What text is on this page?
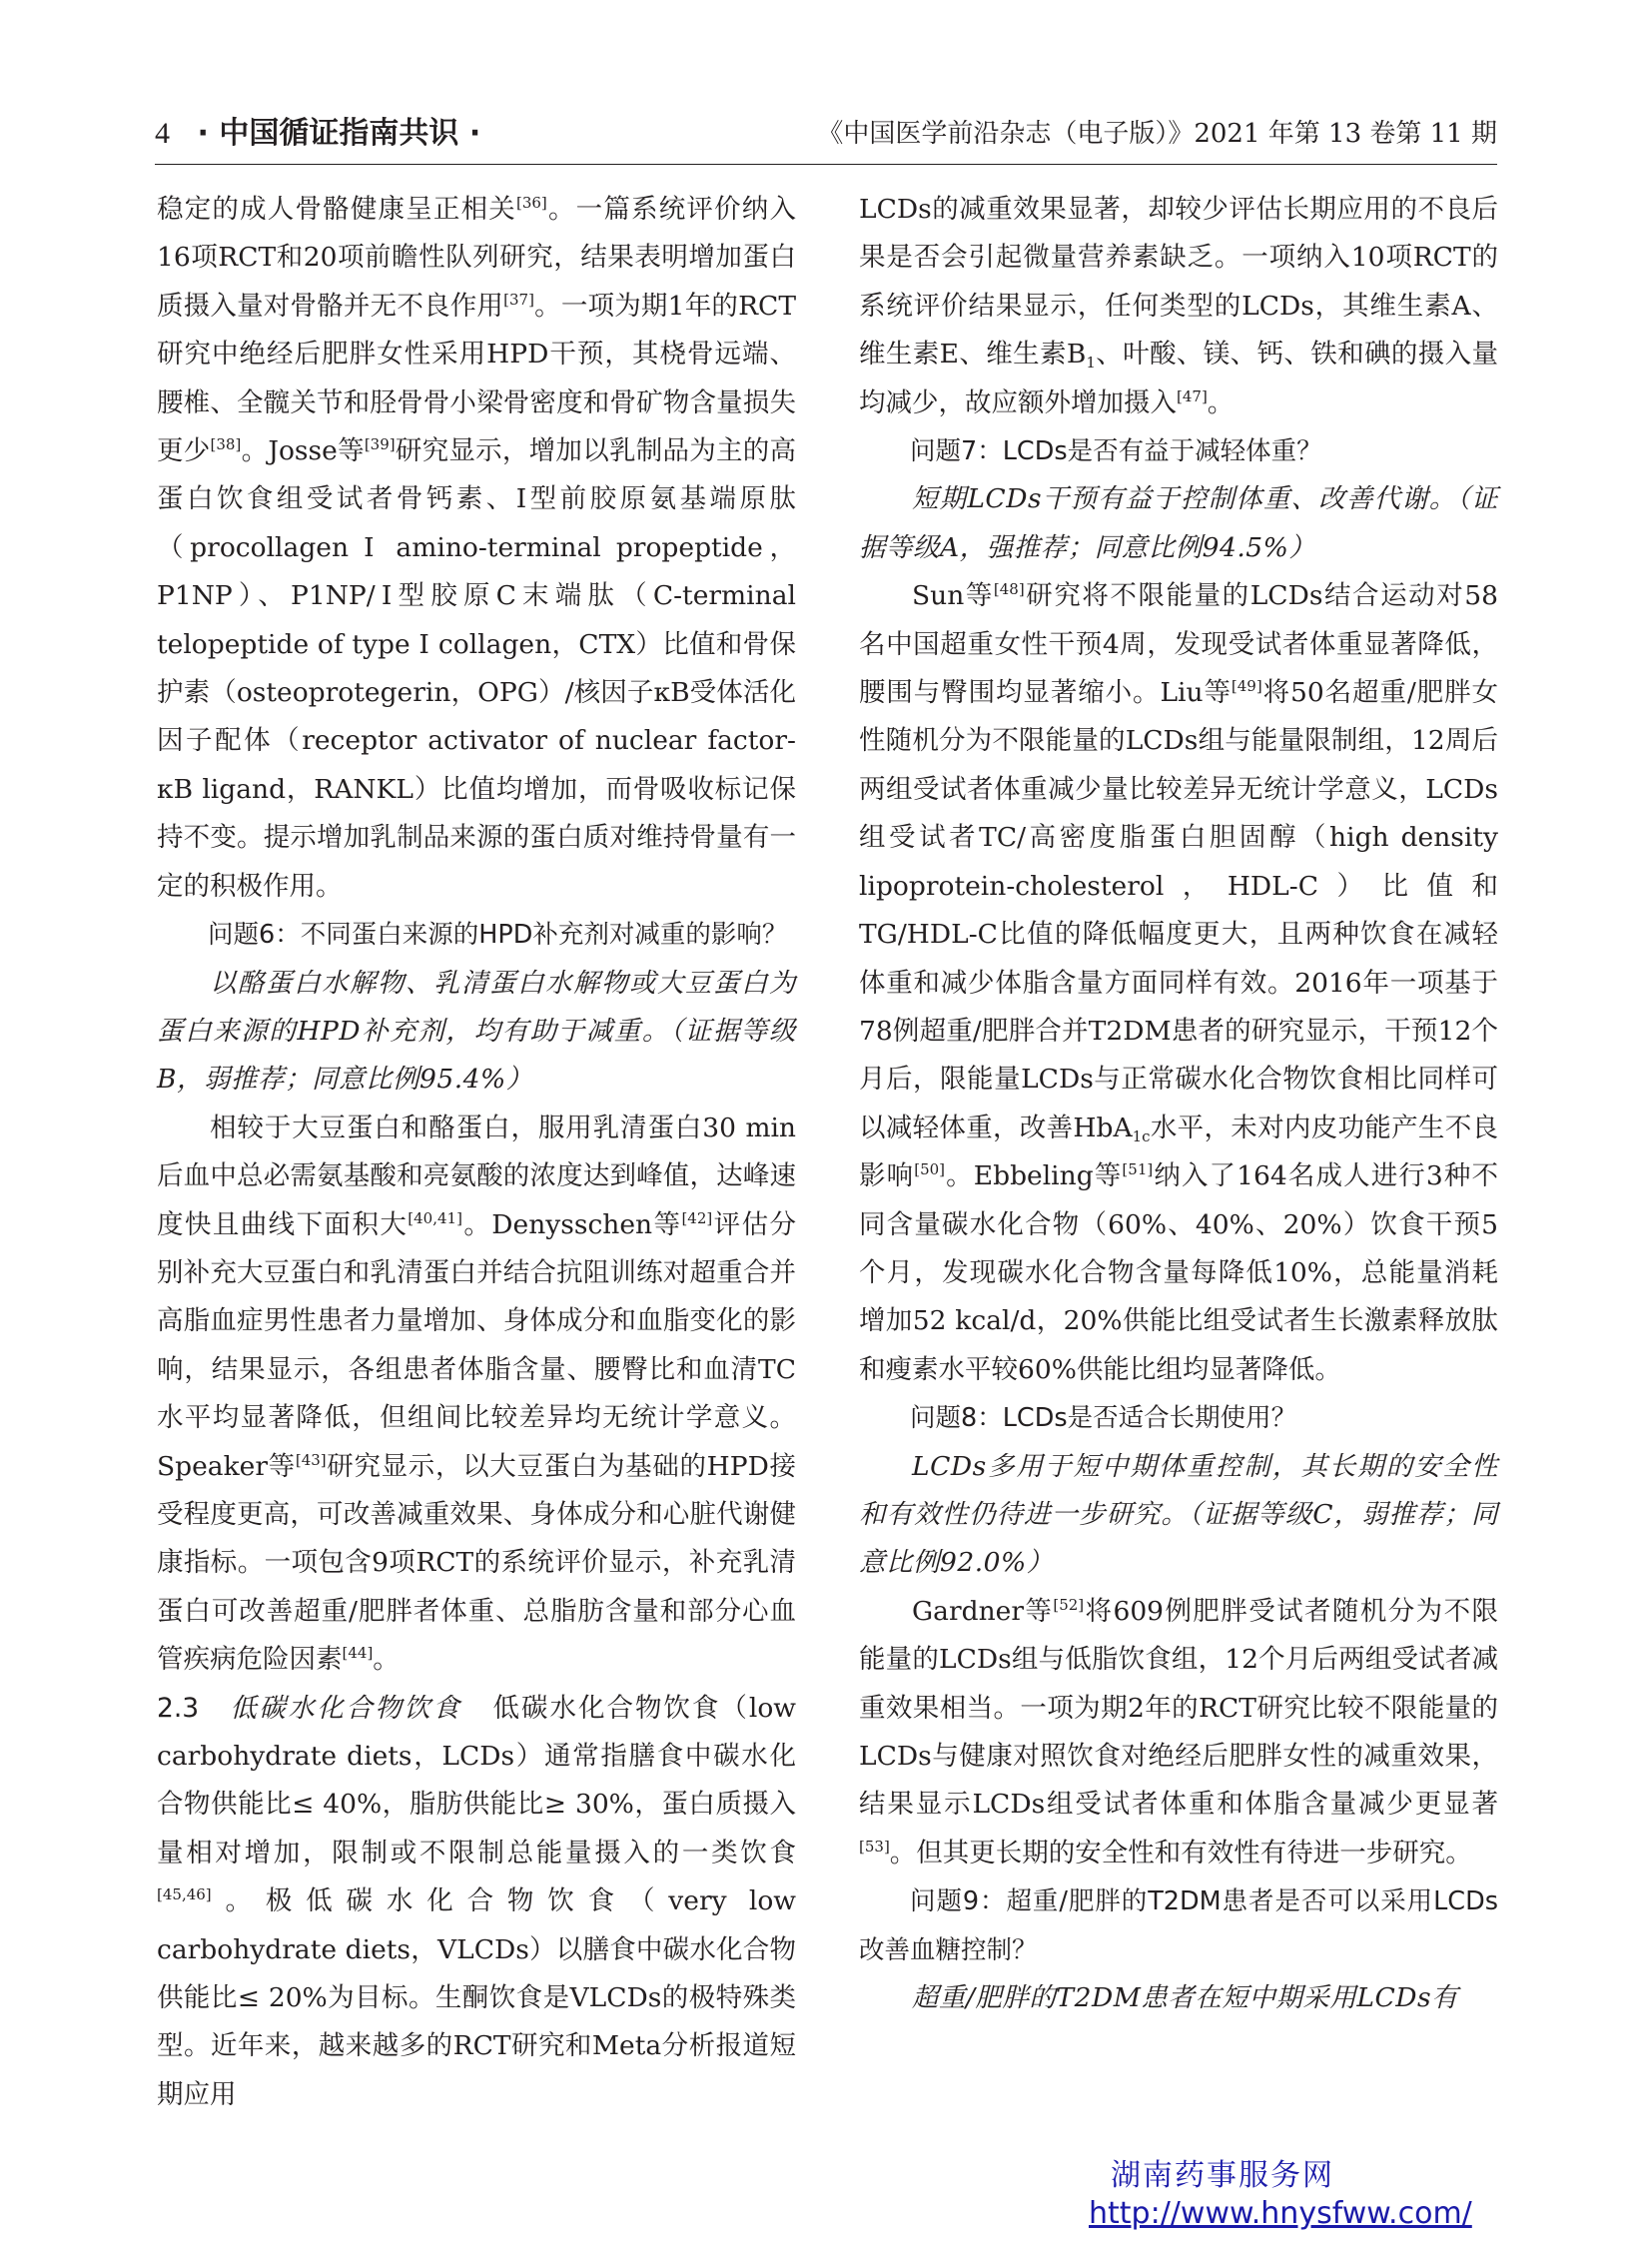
4 · 中国循证指南共识 ·	《中国医学前沿杂志（电子版）》2021 年第 13 卷第 11 期

稳定的成人骨骼健康呈正相关[36]。一篇系统评价纳入16项RCT和20项前瞻性队列研究，结果表明增加蛋白质摄入量对骨骼并无不良作用[37]。一项为期1年的RCT研究中绝经后肥胖女性采用HPD干预，其桡骨远端、腰椎、全髋关节和胫骨骨小梁骨密度和骨矿物含量损失更少[38]。Josse等[39]研究显示，增加以乳制品为主的高蛋白饮食组受试者骨钙素、Ⅰ型前胶原氨基端原肽（procollagen Ⅰ amino-terminal propeptide，P1NP）、P1NP/Ⅰ型胶原C末端肽（C-terminal telopeptide of type Ⅰ collagen，CTX）比值和骨保护素（osteoprotegerin，OPG）/核因子κB受体活化因子配体（receptor activator of nuclear factor-κB ligand，RANKL）比值均增加，而骨吸收标记保持不变。提示增加乳制品来源的蛋白质对维持骨量有一定的积极作用。

问题6：不同蛋白来源的HPD补充剂对减重的影响？

以酪蛋白水解物、乳清蛋白水解物或大豆蛋白为蛋白来源的HPD补充剂，均有助于减重。（证据等级B，弱推荐；同意比例95.4%）

相较于大豆蛋白和酪蛋白，服用乳清蛋白30 min后血中总必需氨基酸和亮氨酸的浓度达到峰值，达峰速度快且曲线下面积大[40,41]。Denysschen等[42]评估分别补充大豆蛋白和乳清蛋白并结合抗阻训练对超重合并高脂血症男性患者力量增加、身体成分和血脂变化的影响，结果显示，各组患者体脂含量、腰臀比和血清TC水平均显著降低，但组间比较差异均无统计学意义。Speaker等[43]研究显示，以大豆蛋白为基础的HPD接受程度更高，可改善减重效果、身体成分和心脏代谢健康指标。一项包含9项RCT的系统评价显示，补充乳清蛋白可改善超重/肥胖者体重、总脂肪含量和部分心血管疾病危险因素[44]。

2.3 低碳水化合物饮食 低碳水化合物饮食（low carbohydrate diets，LCDs）通常指膳食中碳水化合物供能比≤ 40%，脂肪供能比≥ 30%，蛋白质摄入量相对增加，限制或不限制总能量摄入的一类饮食[45,46]。极低碳水化合物饮食（very low carbohydrate diets，VLCDs）以膳食中碳水化合物供能比≤ 20%为目标。生酮饮食是VLCDs的极特殊类型。近年来，越来越多的RCT研究和Meta分析报道短期应用

LCDs的减重效果显著，却较少评估长期应用的不良后果是否会引起微量营养素缺乏。一项纳入10项RCT的系统评价结果显示，任何类型的LCDs，其维生素A、维生素E、维生素$B_1$、叶酸、镁、钙、铁和碘的摄入量均减少，故应额外增加摄入[47]。

问题7：LCDs是否有益于减轻体重？

短期LCDs干预有益于控制体重、改善代谢。（证据等级A，强推荐；同意比例94.5%）

Sun等[48]研究将不限能量的LCDs结合运动对58名中国超重女性干预4周，发现受试者体重显著降低，腰围与臀围均显著缩小。Liu等[49]将50名超重/肥胖女性随机分为不限能量的LCDs组与能量限制组，12周后两组受试者体重减少量比较差异无统计学意义，LCDs组受试者TC/高密度脂蛋白胆固醇（high density lipoprotein-cholesterol，HDL-C）比值和TG/HDL-C比值的降低幅度更大，且两种饮食在减轻体重和减少体脂含量方面同样有效。2016年一项基于78例超重/肥胖合并T2DM患者的研究显示，干预12个月后，限能量LCDs与正常碳水化合物饮食相比同样可以减轻体重，改善HbA$_{1c}$水平，未对内皮功能产生不良影响[50]。Ebbeling等[51]纳入了164名成人进行3种不同含量碳水化合物（60%、40%、20%）饮食干预5个月，发现碳水化合物含量每降低10%，总能量消耗增加52 kcal/d，20%供能比组受试者生长激素释放肽和瘦素水平较60%供能比组均显著降低。

问题8：LCDs是否适合长期使用？

LCDs多用于短中期体重控制，其长期的安全性和有效性仍待进一步研究。（证据等级C，弱推荐；同意比例92.0%）

Gardner等[52]将609例肥胖受试者随机分为不限能量的LCDs组与低脂饮食组，12个月后两组受试者减重效果相当。一项为期2年的RCT研究比较不限能量的LCDs与健康对照饮食对绝经后肥胖女性的减重效果，结果显示LCDs组受试者体重和体脂含量减少更显著[53]。但其更长期的安全性和有效性有待进一步研究。

问题9：超重/肥胖的T2DM患者是否可以采用LCDs改善血糖控制？

超重/肥胖的T2DM患者在短中期采用LCDs有

湖南药事服务网
http://www.hnysfww.com/
